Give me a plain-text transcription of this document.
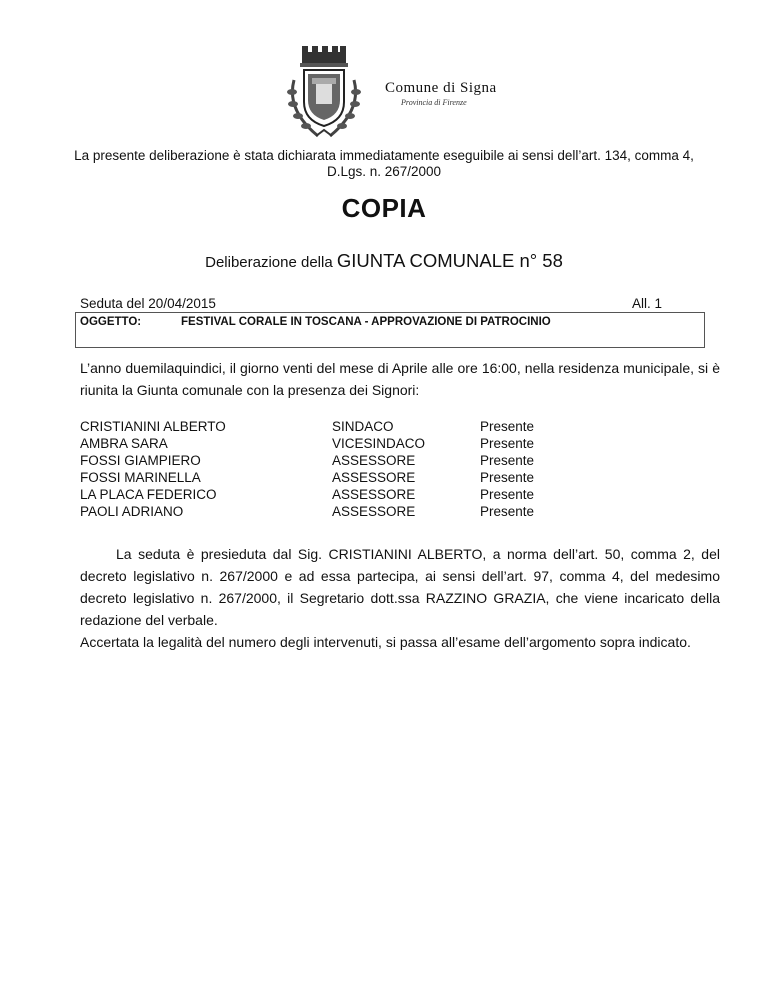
Comune di Signa
Provincia di Firenze
La presente deliberazione è stata dichiarata immediatamente eseguibile ai sensi dell’art. 134, comma 4, D.Lgs. n. 267/2000
COPIA
Deliberazione della GIUNTA COMUNALE n° 58
Seduta del 20/04/2015	All. 1
OGGETTO:	FESTIVAL CORALE IN TOSCANA - APPROVAZIONE DI PATROCINIO
L’anno duemilaquindici, il giorno venti del mese di Aprile alle ore 16:00, nella residenza municipale, si è riunita la Giunta comunale con la presenza dei Signori:
CRISTIANINI ALBERTO	SINDACO	Presente
AMBRA SARA	VICESINDACO	Presente
FOSSI GIAMPIERO	ASSESSORE	Presente
FOSSI MARINELLA	ASSESSORE	Presente
LA PLACA FEDERICO	ASSESSORE	Presente
PAOLI ADRIANO	ASSESSORE	Presente

La seduta è presieduta dal Sig. CRISTIANINI ALBERTO, a norma dell’art. 50, comma 2, del decreto legislativo n. 267/2000 e ad essa partecipa, ai sensi dell’art. 97, comma 4, del medesimo decreto legislativo n. 267/2000, il Segretario dott.ssa RAZZINO GRAZIA, che viene incaricato della redazione del verbale.

Accertata la legalità del numero degli intervenuti, si passa all’esame dell’argomento sopra indicato.
